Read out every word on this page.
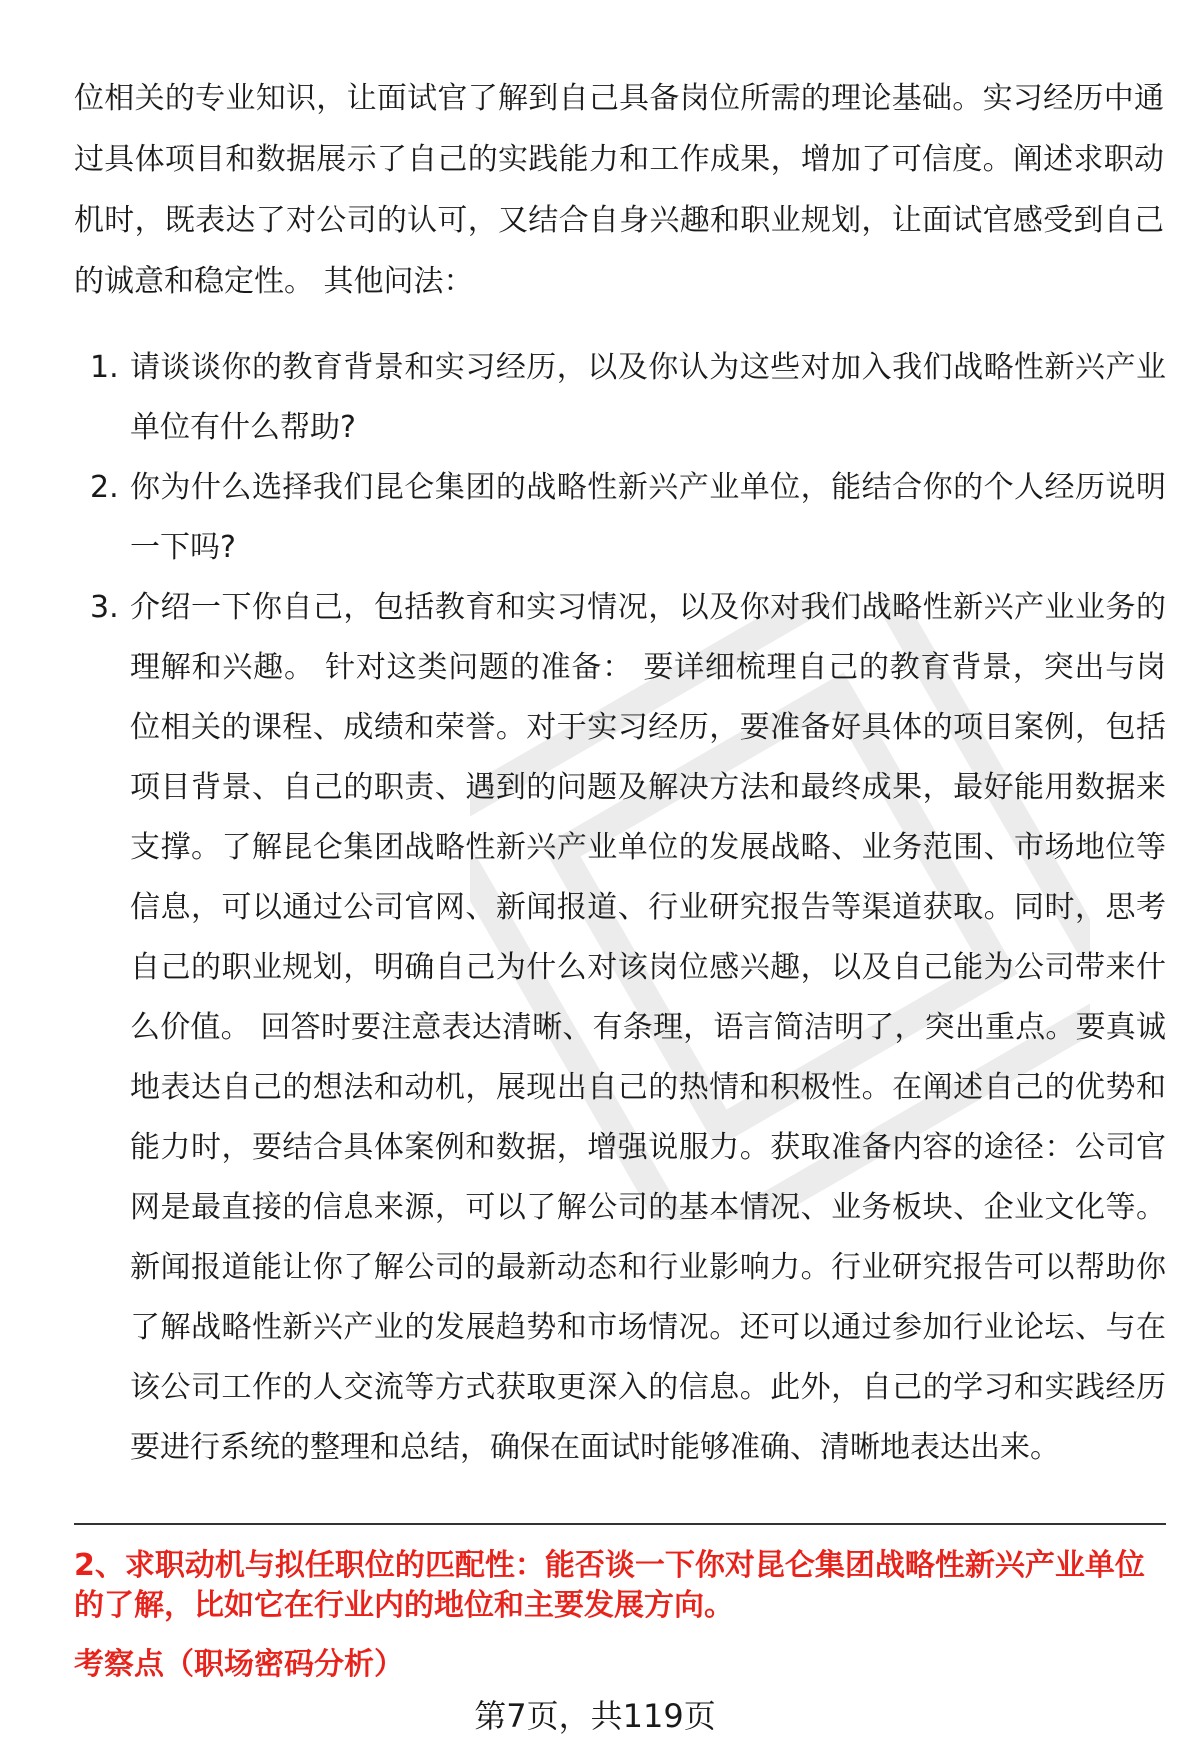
位相关的专业知识，让面试官了解到自己具备岗位所需的理论基础。实习经历中通过具体项目和数据展示了自己的实践能力和工作成果，增加了可信度。阐述求职动机时，既表达了对公司的认可，又结合自身兴趣和职业规划，让面试官感受到自己的诚意和稳定性。 其他问法：

1. 请谈谈你的教育背景和实习经历，以及你认为这些对加入我们战略性新兴产业单位有什么帮助?
2. 你为什么选择我们昆仑集团的战略性新兴产业单位，能结合你的个人经历说明一下吗?
3. 介绍一下你自己，包括教育和实习情况，以及你对我们战略性新兴产业业务的理解和兴趣。 针对这类问题的准备： 要详细梳理自己的教育背景，突出与岗位相关的课程、成绩和荣誉。对于实习经历，要准备好具体的项目案例，包括项目背景、自己的职责、遇到的问题及解决方法和最终成果，最好能用数据来支撑。了解昆仑集团战略性新兴产业单位的发展战略、业务范围、市场地位等信息，可以通过公司官网、新闻报道、行业研究报告等渠道获取。同时，思考自己的职业规划，明确自己为什么对该岗位感兴趣，以及自己能为公司带来什么价值。 回答时要注意表达清晰、有条理，语言简洁明了，突出重点。要真诚地表达自己的想法和动机，展现出自己的热情和积极性。在阐述自己的优势和能力时，要结合具体案例和数据，增强说服力。获取准备内容的途径：公司官网是最直接的信息来源，可以了解公司的基本情况、业务板块、企业文化等。新闻报道能让你了解公司的最新动态和行业影响力。行业研究报告可以帮助你了解战略性新兴产业的发展趋势和市场情况。还可以通过参加行业论坛、与在该公司工作的人交流等方式获取更深入的信息。此外，自己的学习和实践经历要进行系统的整理和总结，确保在面试时能够准确、清晰地表达出来。
2、求职动机与拟任职位的匹配性：能否谈一下你对昆仑集团战略性新兴产业单位的了解，比如它在行业内的地位和主要发展方向。
考察点（职场密码分析）
第7页，共119页
